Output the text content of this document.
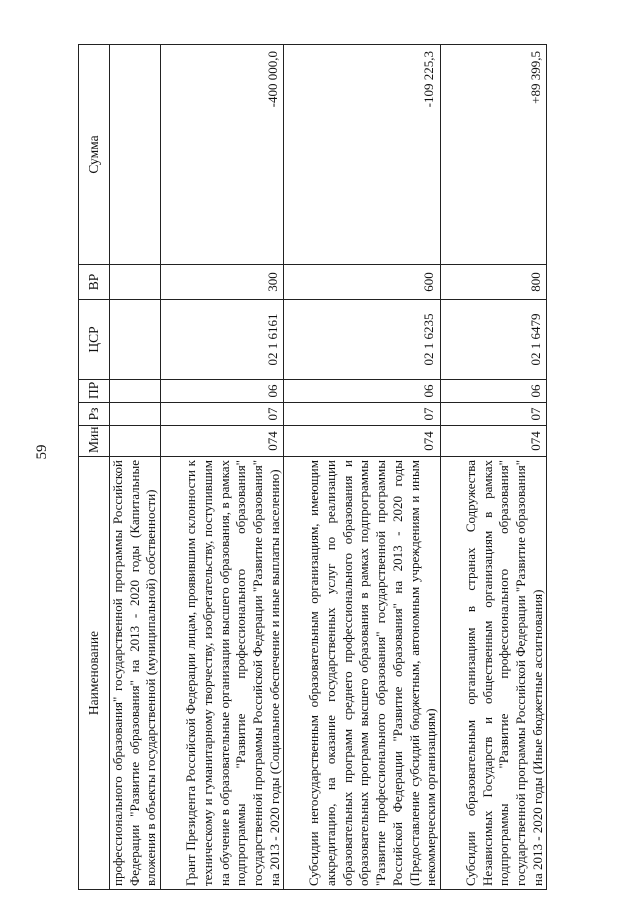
59
Наименование	Мин	Рз	ПР	ЦСР	ВР	Сумма
профессионального образования" государственной программы Российской Федерации "Развитие образования" на 2013 - 2020 годы (Капитальные вложения в объекты государственной (муниципальной) собственности)						
Грант Президента Российской Федерации лицам, проявившим склонности к техническому и гуманитарному творчеству, изобретательству, поступившим на обучение в образовательные организации высшего образования, в рамках подпрограммы "Развитие профессионального образования" государственной программы Российской Федерации "Развитие образования" на 2013 - 2020 годы (Социальное обеспечение и иные выплаты населению)	074	07	06	02 1 6161	300	-400 000,0
Субсидии негосударственным образовательным организациям, имеющим аккредитацию, на оказание государственных услуг по реализации образовательных программ среднего профессионального образования и образовательных программ высшего образования в рамках подпрограммы "Развитие профессионального образования" государственной программы Российской Федерации "Развитие образования" на 2013 - 2020 годы (Предоставление субсидий бюджетным, автономным учреждениям и иным некоммерческим организациям)	074	07	06	02 1 6235	600	-109 225,3
Субсидии образовательным организациям в странах Содружества Независимых Государств и общественным организациям в рамках подпрограммы "Развитие профессионального образования" государственной программы Российской Федерации "Развитие образования" на 2013 - 2020 годы (Иные бюджетные ассигнования)	074	07	06	02 1 6479	800	+89 399,5
